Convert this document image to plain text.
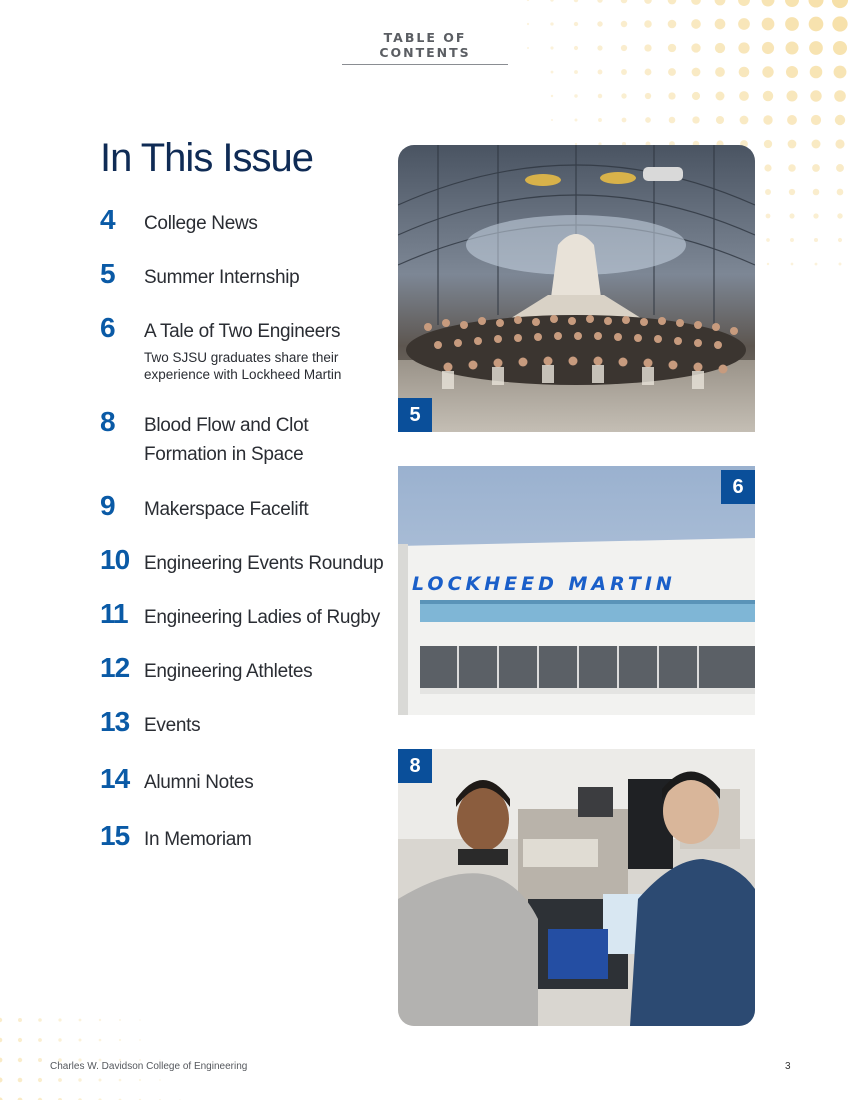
TABLE OF CONTENTS
In This Issue
4 College News
5 Summer Internship
6 A Tale of Two Engineers
Two SJSU graduates share their experience with Lockheed Martin
8 Blood Flow and Clot Formation in Space
9 Makerspace Facelift
10 Engineering Events Roundup
11 Engineering Ladies of Rugby
12 Engineering Athletes
13 Events
14 Alumni Notes
15 In Memoriam
5
LOCKHEED MARTIN
6
8
Charles W. Davidson College of Engineering	3
